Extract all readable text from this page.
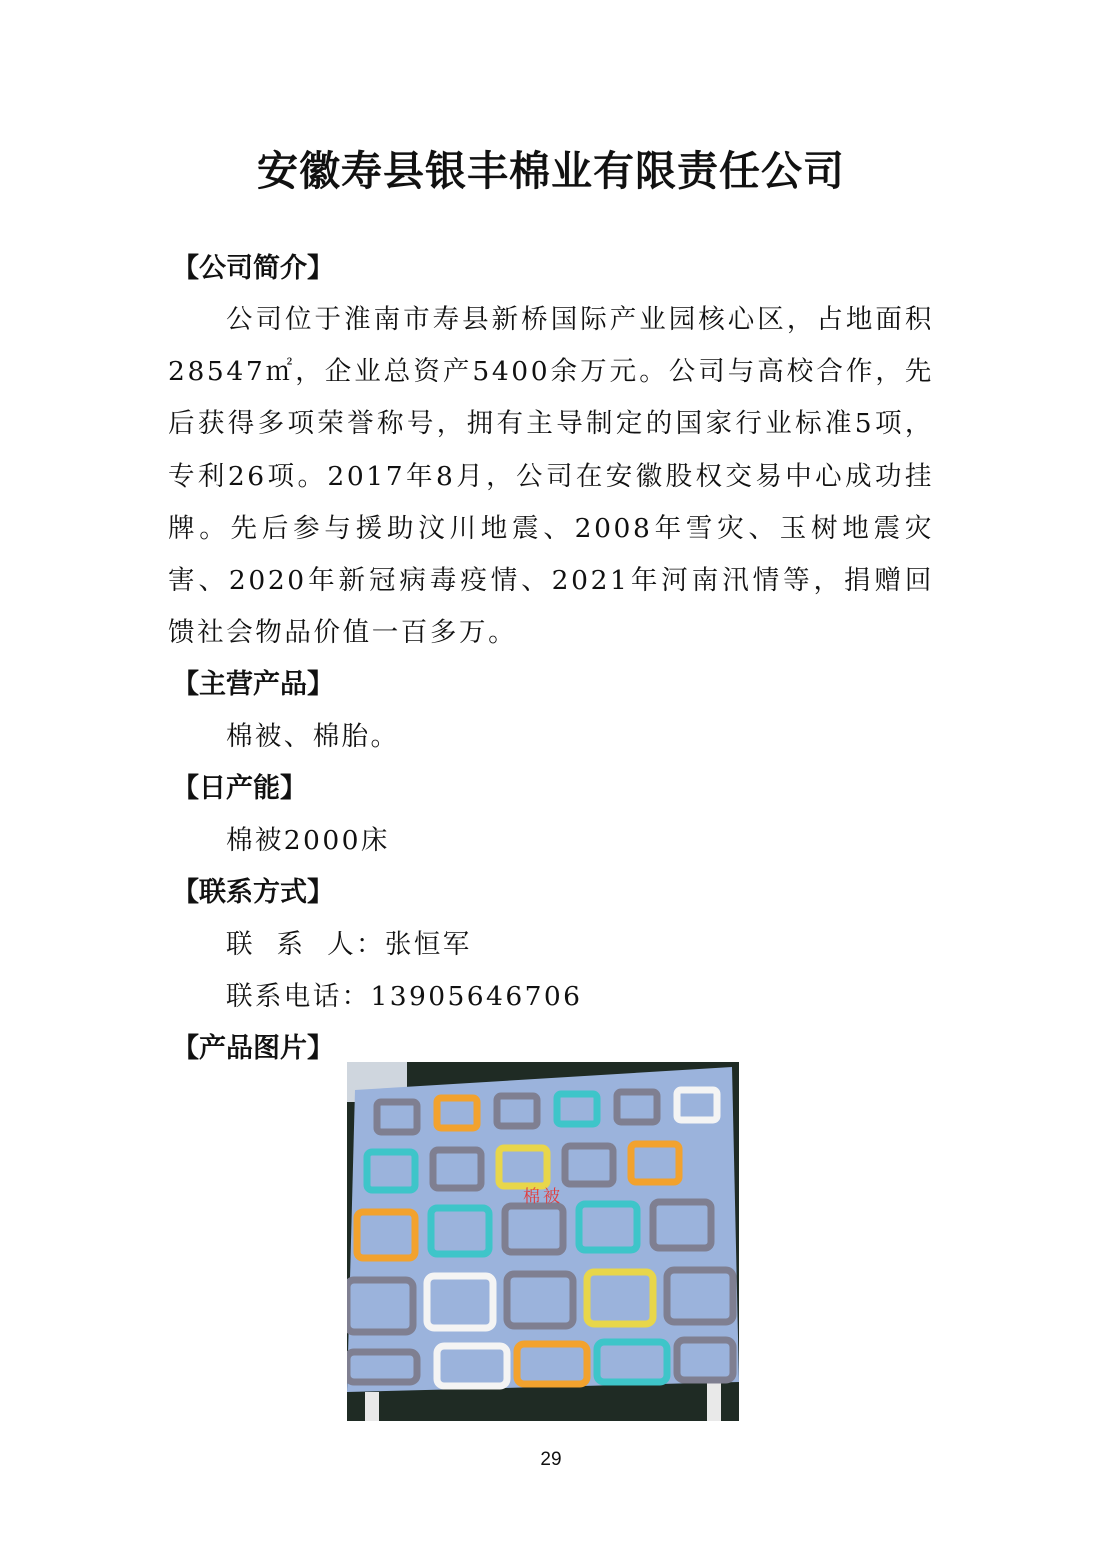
安徽寿县银丰棉业有限责任公司
【公司简介】
公司位于淮南市寿县新桥国际产业园核心区，占地面积28547㎡，企业总资产5400余万元。公司与高校合作，先后获得多项荣誉称号，拥有主导制定的国家行业标准5项，专利26项。2017年8月，公司在安徽股权交易中心成功挂牌。先后参与援助汶川地震、2008年雪灾、玉树地震灾害、2020年新冠病毒疫情、2021年河南汛情等，捐赠回馈社会物品价值一百多万。
【主营产品】
棉被、棉胎。
【日产能】
棉被2000床
【联系方式】
联  系  人：张恒军
联系电话：13905646706
【产品图片】
棉被
29
